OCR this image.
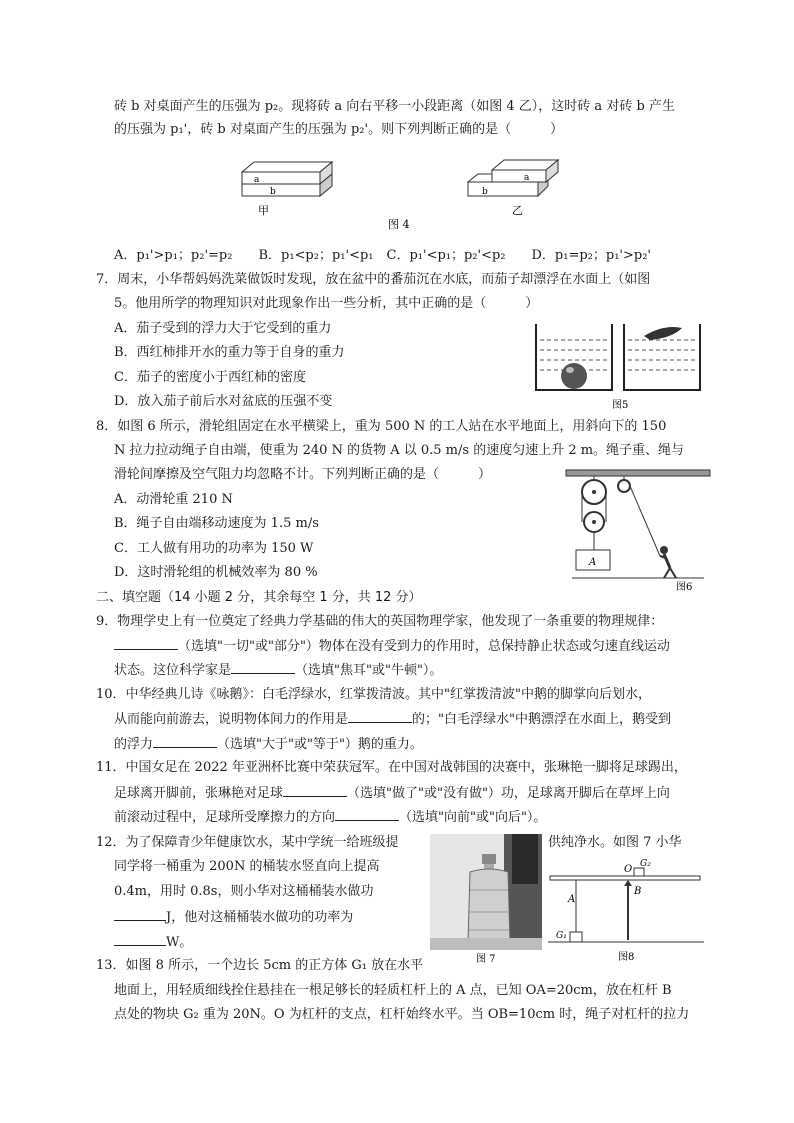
砖 b 对桌面产生的压强为 p₂。现将砖 a 向右平移一小段距离（如图 4 乙），这时砖 a 对砖 b 产生
的压强为 p₁'，砖 b 对桌面产生的压强为 p₂'。则下列判断正确的是（　　　）
a
b
甲
a
b
乙
图 4
A．p₁'>p₁；p₂'=p₂　　B．p₁<p₂；p₁'<p₁　C．p₁'<p₁；p₂'<p₂　　D．p₁=p₂；p₁'>p₂'
7．周末，小华帮妈妈洗菜做饭时发现，放在盆中的番茄沉在水底，而茄子却漂浮在水面上（如图
5。他用所学的物理知识对此现象作出一些分析，其中正确的是（　　　）
A．茄子受到的浮力大于它受到的重力
B．西红柿排开水的重力等于自身的重力
C．茄子的密度小于西红柿的密度
D．放入茄子前后水对盆底的压强不变	图5
8．如图 6 所示，滑轮组固定在水平横梁上，重为 500 N 的工人站在水平地面上，用斜向下的 150
N 拉力拉动绳子自由端，使重为 240 N 的货物 A 以 0.5 m/s 的速度匀速上升 2 m。绳子重、绳与
滑轮间摩擦及空气阻力均忽略不计。下列判断正确的是（　　　）
A．动滑轮重 210 N
B．绳子自由端移动速度为 1.5 m/s
C．工人做有用功的功率为 150 W
D．这时滑轮组的机械效率为 80 %
A
图6
二、填空题（14 小题 2 分，其余每空 1 分，共 12 分）
9．物理学史上有一位奠定了经典力学基础的伟大的英国物理学家，他发现了一条重要的物理规律：
（选填"一切"或"部分"）物体在没有受到力的作用时，总保持静止状态或匀速直线运动
状态。这位科学家是	（选填"焦耳"或"牛顿"）。
10．中华经典儿诗《咏鹅》：白毛浮绿水，红掌拨清波。其中"红掌拨清波"中鹅的脚掌向后划水，
从而能向前游去，说明物体间力的作用是	的；"白毛浮绿水"中鹅漂浮在水面上，鹅受到
的浮力	（选填"大于"或"等于"）鹅的重力。
11．中国女足在 2022 年亚洲杯比赛中荣获冠军。在中国对战韩国的决赛中，张琳艳一脚将足球踢出，
足球离开脚前，张琳艳对足球	（选填"做了"或"没有做"）功，足球离开脚后在草坪上向
前滚动过程中，足球所受摩擦力的方向	（选填"向前"或"向后"）。
12．为了保障青少年健康饮水，某中学统一给班级提	供纯净水。如图 7 小华
同学将一桶重为 200N 的桶装水竖直向上提高
0.4m，用时 0.8s，则小华对这桶桶装水做功
J，他对这桶桶装水做功的功率为
W。
图 7
O
A
G₁
G₂
B
图8
13．如图 8 所示，一个边长 5cm 的正方体 G₁ 放在水平
地面上，用轻质细线拴住悬挂在一根足够长的轻质杠杆上的 A 点，已知 OA=20cm，放在杠杆 B
点处的物块 G₂ 重为 20N。O 为杠杆的支点，杠杆始终水平。当 OB=10cm 时，绳子对杠杆的拉力
